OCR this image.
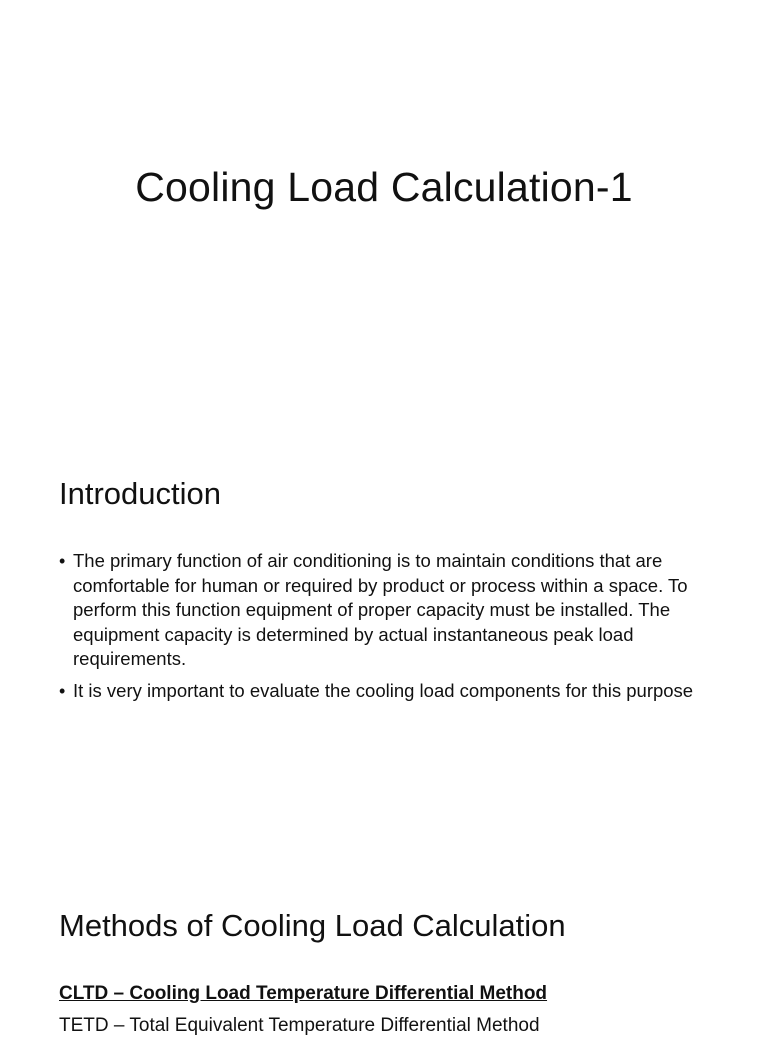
Cooling Load Calculation-1
Introduction
• The primary function of air conditioning is to maintain conditions that are comfortable for human or required by product or process within a space. To perform this function equipment of proper capacity must be installed. The equipment capacity is determined by actual instantaneous peak load requirements.
• It is very important to evaluate the cooling load components for this purpose
Methods of Cooling Load Calculation

CLTD – Cooling Load Temperature Differential Method

TETD – Total Equivalent Temperature Differential Method
